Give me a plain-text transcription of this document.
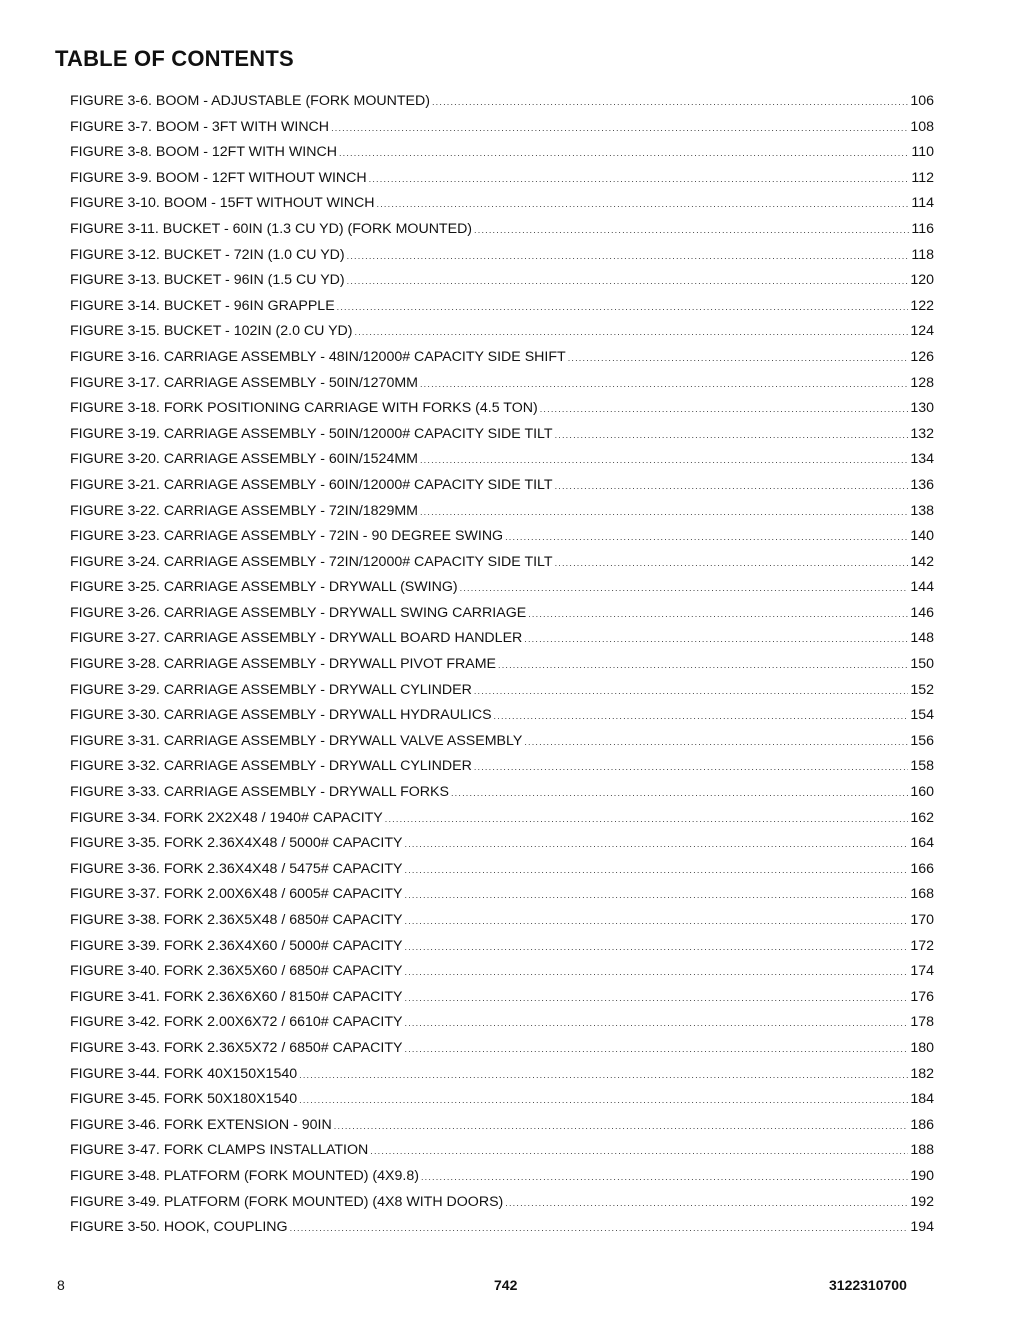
TABLE OF CONTENTS
FIGURE 3-6. BOOM - ADJUSTABLE (FORK MOUNTED) .....	106
FIGURE 3-7. BOOM - 3FT WITH WINCH .....	108
FIGURE 3-8. BOOM - 12FT WITH WINCH .....	110
FIGURE 3-9. BOOM - 12FT WITHOUT WINCH .....	112
FIGURE 3-10. BOOM - 15FT WITHOUT WINCH .....	114
FIGURE 3-11. BUCKET - 60IN (1.3 CU YD) (FORK MOUNTED) .....	116
FIGURE 3-12. BUCKET - 72IN (1.0 CU YD) .....	118
FIGURE 3-13. BUCKET - 96IN (1.5 CU YD) .....	120
FIGURE 3-14. BUCKET - 96IN GRAPPLE .....	122
FIGURE 3-15. BUCKET - 102IN (2.0 CU YD) .....	124
FIGURE 3-16. CARRIAGE ASSEMBLY - 48IN/12000# CAPACITY SIDE SHIFT .....	126
FIGURE 3-17. CARRIAGE ASSEMBLY - 50IN/1270MM .....	128
FIGURE 3-18. FORK POSITIONING CARRIAGE WITH FORKS (4.5 TON) .....	130
FIGURE 3-19. CARRIAGE ASSEMBLY - 50IN/12000# CAPACITY SIDE TILT .....	132
FIGURE 3-20. CARRIAGE ASSEMBLY - 60IN/1524MM .....	134
FIGURE 3-21. CARRIAGE ASSEMBLY - 60IN/12000# CAPACITY SIDE TILT .....	136
FIGURE 3-22. CARRIAGE ASSEMBLY - 72IN/1829MM .....	138
FIGURE 3-23. CARRIAGE ASSEMBLY - 72IN - 90 DEGREE SWING .....	140
FIGURE 3-24. CARRIAGE ASSEMBLY - 72IN/12000# CAPACITY SIDE TILT .....	142
FIGURE 3-25. CARRIAGE ASSEMBLY - DRYWALL (SWING) .....	144
FIGURE 3-26. CARRIAGE ASSEMBLY - DRYWALL SWING CARRIAGE .....	146
FIGURE 3-27. CARRIAGE ASSEMBLY - DRYWALL BOARD HANDLER .....	148
FIGURE 3-28. CARRIAGE ASSEMBLY - DRYWALL PIVOT FRAME .....	150
FIGURE 3-29. CARRIAGE ASSEMBLY - DRYWALL CYLINDER .....	152
FIGURE 3-30. CARRIAGE ASSEMBLY - DRYWALL HYDRAULICS .....	154
FIGURE 3-31. CARRIAGE ASSEMBLY - DRYWALL VALVE ASSEMBLY .....	156
FIGURE 3-32. CARRIAGE ASSEMBLY - DRYWALL CYLINDER .....	158
FIGURE 3-33. CARRIAGE ASSEMBLY - DRYWALL FORKS .....	160
FIGURE 3-34. FORK 2X2X48 / 1940# CAPACITY .....	162
FIGURE 3-35. FORK 2.36X4X48 / 5000# CAPACITY .....	164
FIGURE 3-36. FORK 2.36X4X48 / 5475# CAPACITY .....	166
FIGURE 3-37. FORK 2.00X6X48 / 6005# CAPACITY .....	168
FIGURE 3-38. FORK 2.36X5X48 / 6850# CAPACITY .....	170
FIGURE 3-39. FORK 2.36X4X60 / 5000# CAPACITY .....	172
FIGURE 3-40. FORK 2.36X5X60 / 6850# CAPACITY .....	174
FIGURE 3-41. FORK 2.36X6X60 / 8150# CAPACITY .....	176
FIGURE 3-42. FORK 2.00X6X72 / 6610# CAPACITY .....	178
FIGURE 3-43. FORK 2.36X5X72 / 6850# CAPACITY .....	180
FIGURE 3-44. FORK 40X150X1540 .....	182
FIGURE 3-45. FORK 50X180X1540 .....	184
FIGURE 3-46. FORK EXTENSION - 90IN .....	186
FIGURE 3-47. FORK CLAMPS INSTALLATION .....	188
FIGURE 3-48. PLATFORM (FORK MOUNTED) (4X9.8) .....	190
FIGURE 3-49. PLATFORM (FORK MOUNTED) (4X8 WITH DOORS) .....	192
FIGURE 3-50. HOOK, COUPLING .....	194
8	742	3122310700
